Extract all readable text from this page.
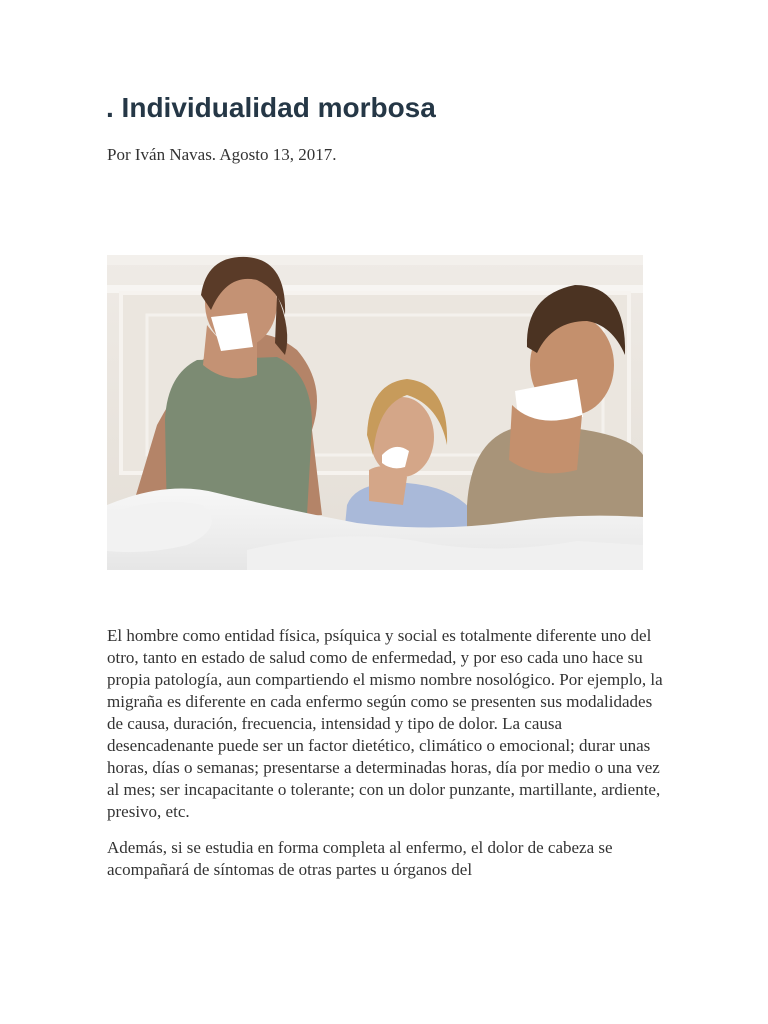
. Individualidad morbosa

Por Iván Navas. Agosto 13, 2017.

El hombre como entidad física, psíquica y social es totalmente diferente uno del otro, tanto en estado de salud como de enfermedad, y por eso cada uno hace su propia patología, aun compartiendo el mismo nombre nosológico. Por ejemplo, la migraña es diferente en cada enfermo según como se presenten sus modalidades de causa, duración, frecuencia, intensidad y tipo de dolor. La causa desencadenante puede ser un factor dietético, climático o emocional; durar unas horas, días o semanas; presentarse a determinadas horas, día por medio o una vez al mes; ser incapacitante o tolerante; con un dolor punzante, martillante, ardiente, presivo, etc.

Además, si se estudia en forma completa al enfermo, el dolor de cabeza se acompañará de síntomas de otras partes u órganos del
